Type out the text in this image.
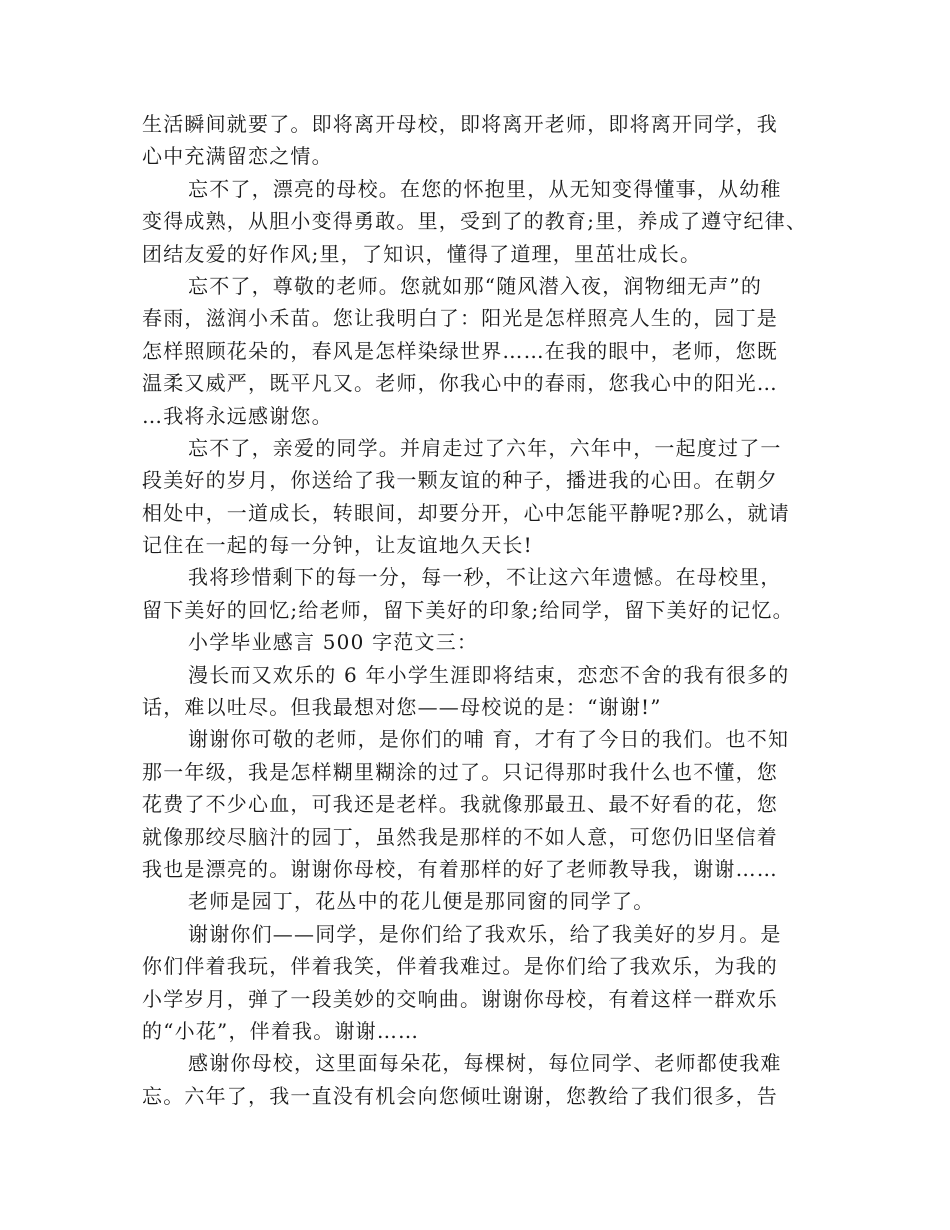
生活瞬间就要了。即将离开母校，即将离开老师，即将离开同学，我
心中充满留恋之情。
忘不了，漂亮的母校。在您的怀抱里，从无知变得懂事，从幼稚
变得成熟，从胆小变得勇敢。里，受到了的教育;里，养成了遵守纪律、
团结友爱的好作风;里，了知识，懂得了道理，里茁壮成长。
忘不了，尊敬的老师。您就如那“随风潜入夜，润物细无声”的
春雨，滋润小禾苗。您让我明白了：阳光是怎样照亮人生的，园丁是
怎样照顾花朵的，春风是怎样染绿世界……在我的眼中，老师，您既
温柔又威严，既平凡又。老师，你我心中的春雨，您我心中的阳光…
…我将永远感谢您。
忘不了，亲爱的同学。并肩走过了六年，六年中，一起度过了一
段美好的岁月，你送给了我一颗友谊的种子，播进我的心田。在朝夕
相处中，一道成长，转眼间，却要分开，心中怎能平静呢?那么，就请
记住在一起的每一分钟，让友谊地久天长!
我将珍惜剩下的每一分，每一秒，不让这六年遗憾。在母校里，
留下美好的回忆;给老师，留下美好的印象;给同学，留下美好的记忆。
小学毕业感言 500 字范文三：
漫长而又欢乐的 6 年小学生涯即将结束，恋恋不舍的我有很多的
话，难以吐尽。但我最想对您——母校说的是：“谢谢!”
谢谢你可敬的老师，是你们的哺 育，才有了今日的我们。也不知
那一年级，我是怎样糊里糊涂的过了。只记得那时我什么也不懂，您
花费了不少心血，可我还是老样。我就像那最丑、最不好看的花，您
就像那绞尽脑汁的园丁，虽然我是那样的不如人意，可您仍旧坚信着
我也是漂亮的。谢谢你母校，有着那样的好了老师教导我，谢谢……
老师是园丁，花丛中的花儿便是那同窗的同学了。
谢谢你们——同学，是你们给了我欢乐，给了我美好的岁月。是
你们伴着我玩，伴着我笑，伴着我难过。是你们给了我欢乐，为我的
小学岁月，弹了一段美妙的交响曲。谢谢你母校，有着这样一群欢乐
的“小花”，伴着我。谢谢……
感谢你母校，这里面每朵花，每棵树，每位同学、老师都使我难
忘。六年了，我一直没有机会向您倾吐谢谢，您教给了我们很多，告
